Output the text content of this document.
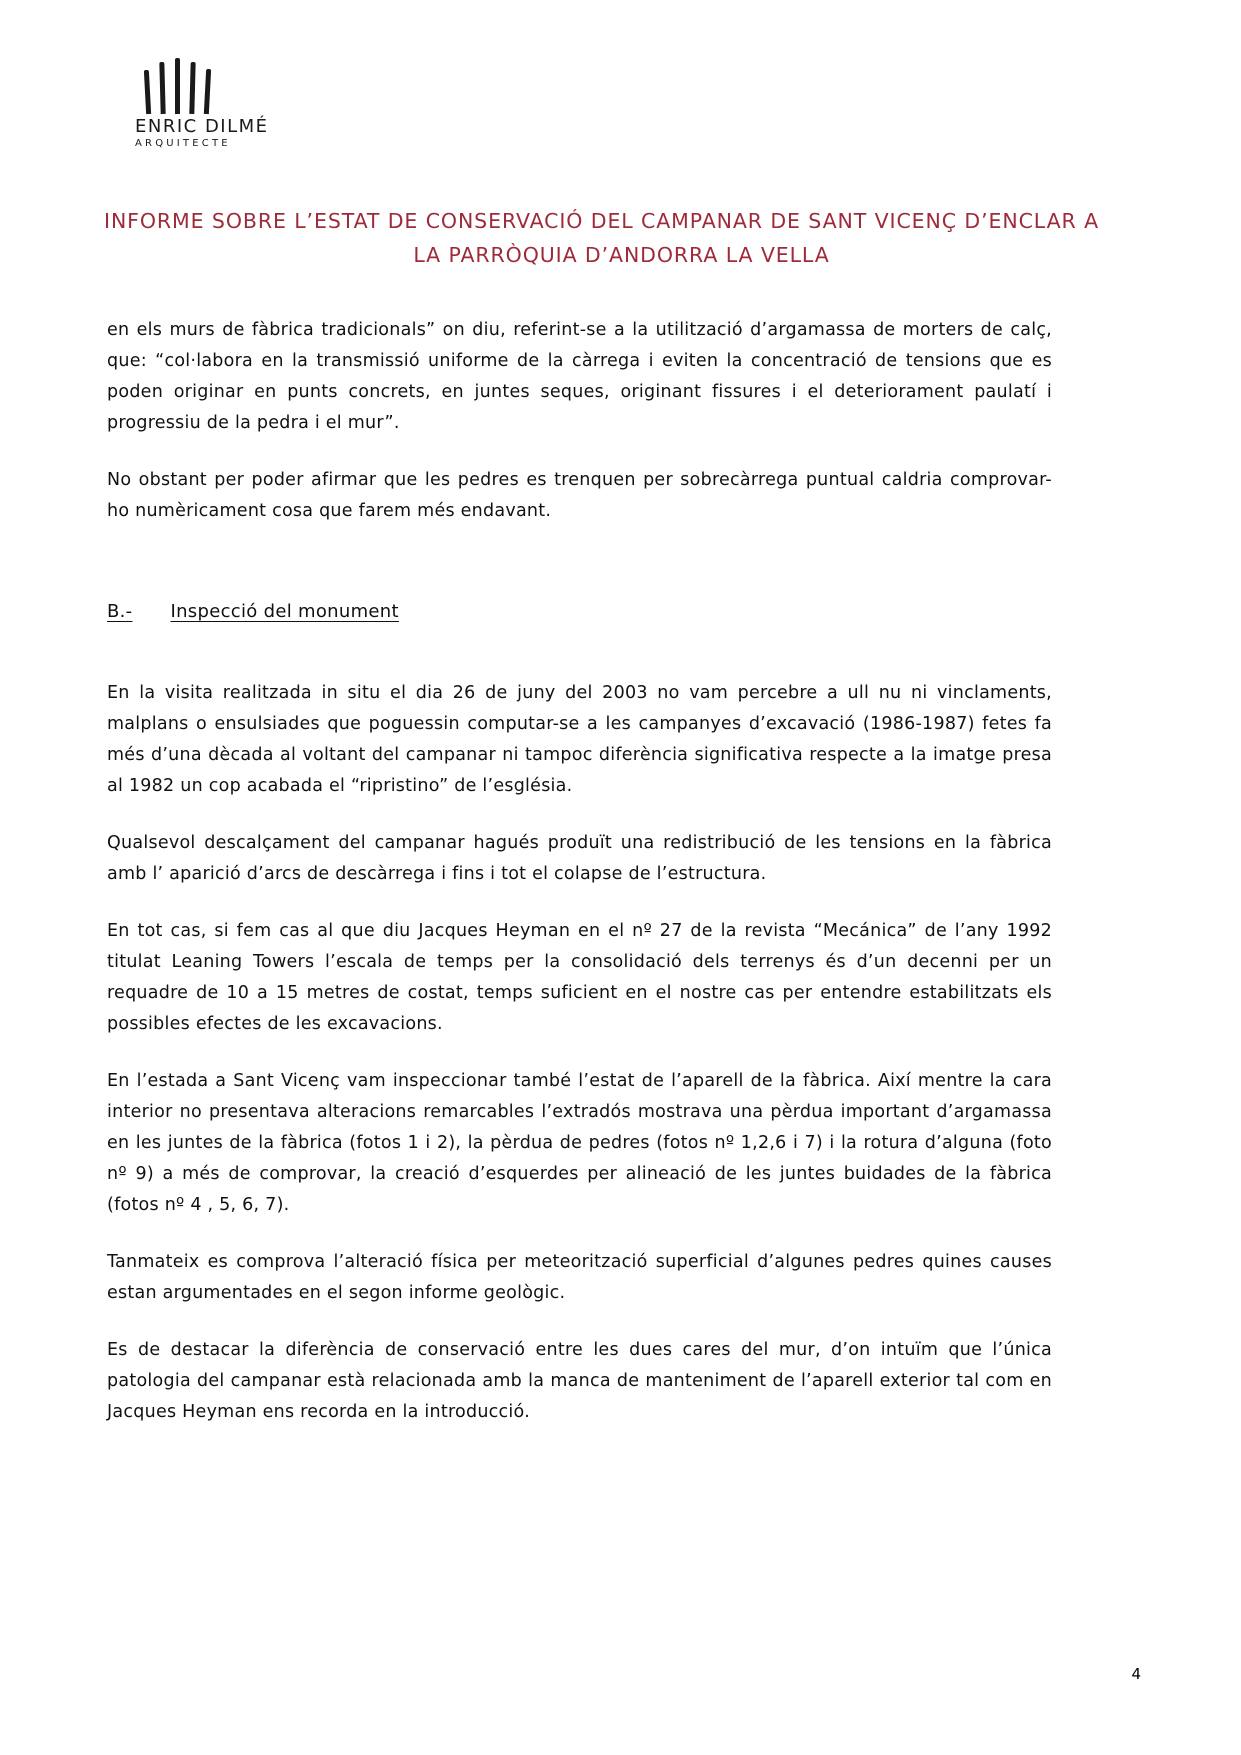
ENRIC DILMÉ
ARQUITECTE
INFORME SOBRE L’ESTAT DE CONSERVACIÓ DEL CAMPANAR DE SANT VICENÇ D’ENCLAR A
LA PARRÒQUIA D’ANDORRA LA VELLA

en els murs de fàbrica tradicionals” on diu, referint-se a la utilització d’argamassa de morters de calç, que: “col·labora en la transmissió uniforme de la càrrega i eviten la concentració de tensions que es poden originar en punts concrets, en juntes seques, originant fissures i el deteriorament paulatí i progressiu de la pedra i el mur”.

No obstant per poder afirmar que les pedres es trenquen per sobrecàrrega puntual caldria comprovar-ho numèricament cosa que farem més endavant.

B.- Inspecció del monument

En la visita realitzada in situ el dia 26 de juny del 2003 no vam percebre a ull nu ni vinclaments, malplans o ensulsiades que poguessin computar-se a les campanyes d’excavació (1986-1987) fetes fa més d’una dècada al voltant del campanar ni tampoc diferència significativa respecte a la imatge presa al 1982 un cop acabada el “ripristino” de l’església.

Qualsevol descalçament del campanar hagués produït una redistribució de les tensions en la fàbrica amb l’ aparició d’arcs de descàrrega i fins i tot el colapse de l’estructura.

En tot cas, si fem cas al que diu Jacques Heyman en el nº 27 de la revista “Mecánica” de l’any 1992 titulat Leaning Towers l’escala de temps per la consolidació dels terrenys és d’un decenni per un requadre de 10 a 15 metres de costat, temps suficient en el nostre cas per entendre estabilitzats els possibles efectes de les excavacions.

En l’estada a Sant Vicenç vam inspeccionar també l’estat de l’aparell de la fàbrica. Així mentre la cara interior no presentava alteracions remarcables l’extradós mostrava una pèrdua important d’argamassa en les juntes de la fàbrica (fotos 1 i 2), la pèrdua de pedres (fotos nº 1,2,6 i 7) i la rotura d’alguna (foto nº 9) a més de comprovar, la creació d’esquerdes per alineació de les juntes buidades de la fàbrica (fotos nº 4 , 5, 6, 7).

Tanmateix es comprova l’alteració física per meteorització superficial d’algunes pedres quines causes estan argumentades en el segon informe geològic.

Es de destacar la diferència de conservació entre les dues cares del mur, d’on intuïm que l’única patologia del campanar està relacionada amb la manca de manteniment de l’aparell exterior tal com en Jacques Heyman ens recorda en la introducció.

4
